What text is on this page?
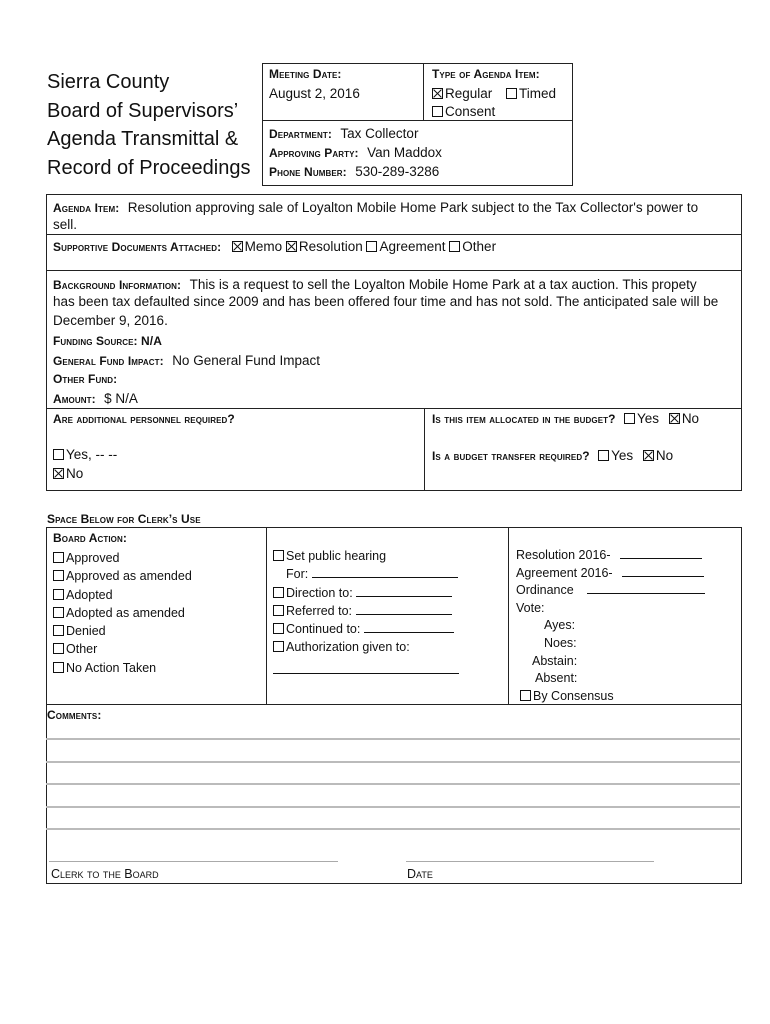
Sierra County
Board of Supervisors’
Agenda Transmittal &
Record of Proceedings
Meeting Date:
August 2, 2016
Type of Agenda Item:
Regular Timed
Consent
Department: Tax Collector
Approving Party: Van Maddox
Phone Number: 530-289-3286
Agenda Item: Resolution approving sale of Loyalton Mobile Home Park subject to the Tax Collector's power to
sell.
Supportive Documents Attached: Memo Resolution Agreement Other
Background Information: This is a request to sell the Loyalton Mobile Home Park at a tax auction. This propety
has been tax defaulted since 2009 and has been offered four time and has not sold. The anticipated sale will be
December 9, 2016.
Funding Source: N/A
General Fund Impact: No General Fund Impact
Other Fund:
Amount: $ N/A
Are additional personnel required?
Yes, -- --
No
Is this item allocated in the budget? Yes No
Is a budget transfer required? Yes No
Space Below for Clerk’s Use
Board Action:
Approved
Approved as amended
Adopted
Adopted as amended
Denied
Other
No Action Taken
Set public hearing
For:
Direction to:
Referred to:
Continued to:
Authorization given to:
Resolution 2016-
Agreement 2016-
Ordinance
Vote:
Ayes:
Noes:
Abstain:
Absent:
By Consensus
Comments:
Clerk to the Board	Date
